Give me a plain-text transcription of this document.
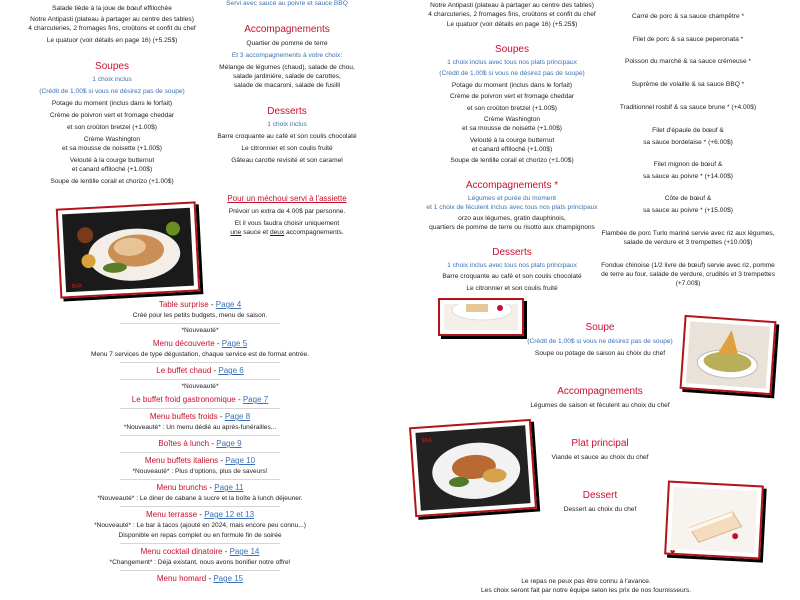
Salade tiède à la joue de bœuf effilochée
Notre Antipasti (plateau à partager au centre des tables)
4 charcuteries, 2 fromages fins, croûtons et confit du chef
Le quatuor (voir détails en page 16) (+5.25$)
Soupes
1 choix inclus
(Crédit de 1.00$ si vous ne désirez pas de soupe)
Potage du moment (inclus dans le forfait)
Crème de poivron vert et fromage cheddar
et son croûton bretzel (+1.00$)
Crème Washington
et sa mousse de noisette (+1.00$)
Velouté à la courge butternut
et canard effiloché (+1.00$)
Soupe de lentille corail et chorizo (+1.00$)
BIA
Table surprise - Page 4
Créé pour les petits budgets, menu de saison.
*Nouveauté*
Menu découverte - Page 5
Menu 7 services de type dégustation, chaque service est de format entrée.
Le buffet chaud - Page 6
*Nouveauté*
Le buffet froid gastronomique - Page 7
Menu buffets froids - Page 8
*Nouveauté* : Un menu dédié au après-funérailles...
Boîtes à lunch - Page 9
Menu buffets italiens - Page 10
*Nouveauté* : Plus d'options, plus de saveurs!
Menu brunchs - Page 11
*Nouveauté* : Le diner de cabane à sucre et la boîte à lunch déjeuner.
Menu terrasse - Page 12 et 13
*Nouveauté* : Le bar à tacos (ajouté en 2024, mais encore peu connu...)
Disponible en repas complet ou en formule fin de soirée
Menu cocktail dinatoire - Page 14
*Changement* : Déjà existant, nous avons bonifier notre offre!
Menu homard - Page 15
Servi avec sauce au poivre et sauce BBQ
Accompagnements
Quartier de pomme de terre
Et 3 accompagnements à votre choix:
Mélange de légumes (chaud), salade de chou,
salade jardinière, salade de carottes,
salade de macaroni, salade de fusilli
Desserts
1 choix inclus
Barre croquante au café et son coulis chocolaté
Le citronnier et son coulis fruité
Gâteau carotte revisité et son caramel
Pour un méchoui servi à l'assiette
Prévoir un extra de 4.00$ par personne.
Et il vous faudra choisir uniquement
une sauce et deux accompagnements.
Notre Antipasti (plateau à partager au centre des tables)
4 charcuteries, 2 fromages fins, croûtons et confit du chef
Le quatuor (voir détails en page 16) (+5.25$)
Soupes
1 choix inclus avec tous nos plats principaux
(Crédit de 1.00$ si vous ne désirez pas de soupe)
Potage du moment (inclus dans le forfait)
Crème de poivron vert et fromage cheddar
et son croûton bretzel (+1.00$)
Crème Washington
et sa mousse de noisette (+1.00$)
Velouté à la courge butternut
et canard effiloché (+1.00$)
Soupe de lentille corail et chorizo (+1.00$)
Accompagnements *
Légumes et purée du moment
et 1 choix de féculent inclus avec tous nos plats principaux
orzo aux légumes, gratin dauphinois,
quartiers de pomme de terre ou risotto aux champignons
Desserts
1 choix inclus avec tous nos plats principaux
Barre croquante au café et son coulis chocolaté
Le citronnier et son coulis fruité
Carré de porc & sa sauce champêtre *
Filet de porc & sa sauce peperonata *
Poisson du marché & sa sauce crémeuse *
Suprême de volaille & sa sauce BBQ *
Traditionnel rosbif & sa sauce brune * (+4.00$)
Filet d'épaule de bœuf &
sa sauce bordelaise * (+6.00$)
Filet mignon de bœuf &
sa sauce au poivre * (+14.00$)
Côte de bœuf &
sa sauce au poivre * (+15.00$)
Flambée de porc Turlo mariné servie avec riz aux légumes,
salade de verdure et 3 trempettes (+10.00$)
Fondue chinoise (1/2 livre de bœuf) servie avec riz, pomme
de terre au four, salade de verdure, crudités et 3 trempettes
(+7.00$)
Soupe
(Crédit de 1.00$ si vous ne désirez pas de soupe)
Soupe ou potage de saison au choix du chef
Accompagnements
Légumes de saison et féculent au choix du chef
BIA	Plat principal
Viande et sauce au choix du chef
Dessert
Dessert au choix du chef
♥
Le repas ne peux pas être connu à l'avance.
Les choix seront fait par notre équipe selon les prix de nos fournisseurs.
